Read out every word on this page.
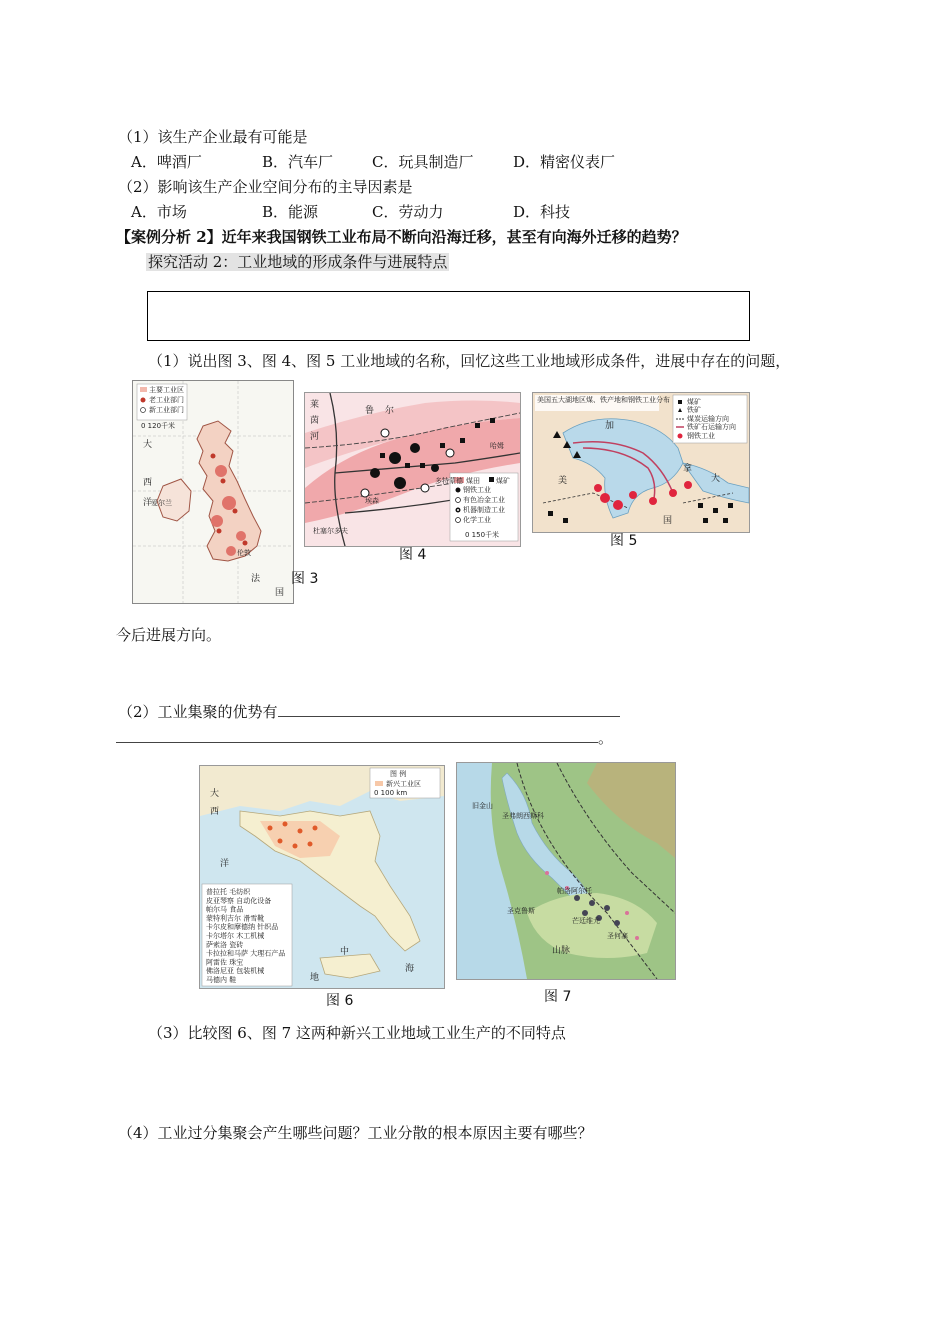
（1）该生产企业最有可能是
A．啤酒厂	B．汽车厂	C．玩具制造厂	D．精密仪表厂
（2）影响该生产企业空间分布的主导因素是
A．市场	B．能源	C．劳动力	D．科技
【案例分析 2】近年来我国钢铁工业布局不断向沿海迁移，甚至有向海外迁移的趋势？
探究活动 2：工业地域的形成条件与进展特点
（1）说出图 3、图 4、图 5 工业地域的名称，回忆这些工业地域形成条件，进展中存在的问题，
主要工业区
老工业部门
新工业部门
0 120千米
大
西
洋
爱尔兰
法
国
伦敦
图 3
煤田 煤矿
钢铁工业
有色冶金工业
机器制造工业
化学工业
0 150千米
莱
茵
河
多特蒙德
埃森
杜塞尔多夫
鲁 尔
哈姆
图 4
美国五大湖地区煤、铁产地和钢铁工业分布 煤矿
铁矿
煤炭运输方向
铁矿石运输方向
钢铁工业
加
拿
大
美
国
图 5
今后进展方向。
（2）工业集聚的优势有
。
图 例
新兴工业区
0 100 km
普拉托 毛纺织
皮亚琴察 自动化设备
帕尔马 食品
蒙特利吉尔 滑雪靴
卡尔皮和摩德纳 针织品
卡尔塔尔 木工机械
萨索洛 瓷砖
卡拉拉和马萨 大理石产品
阿雷佐 珠宝
佛洛尼亚 包装机械
马德内 鞋
大
西
洋
地
中
海
图 6
圣弗朗西斯科
旧金山
圣克鲁斯
山脉
帕洛阿尔托
芒廷维尤
圣何塞
图 7
（3）比较图 6、图 7 这两种新兴工业地域工业生产的不同特点
（4）工业过分集聚会产生哪些问题？工业分散的根本原因主要有哪些？
